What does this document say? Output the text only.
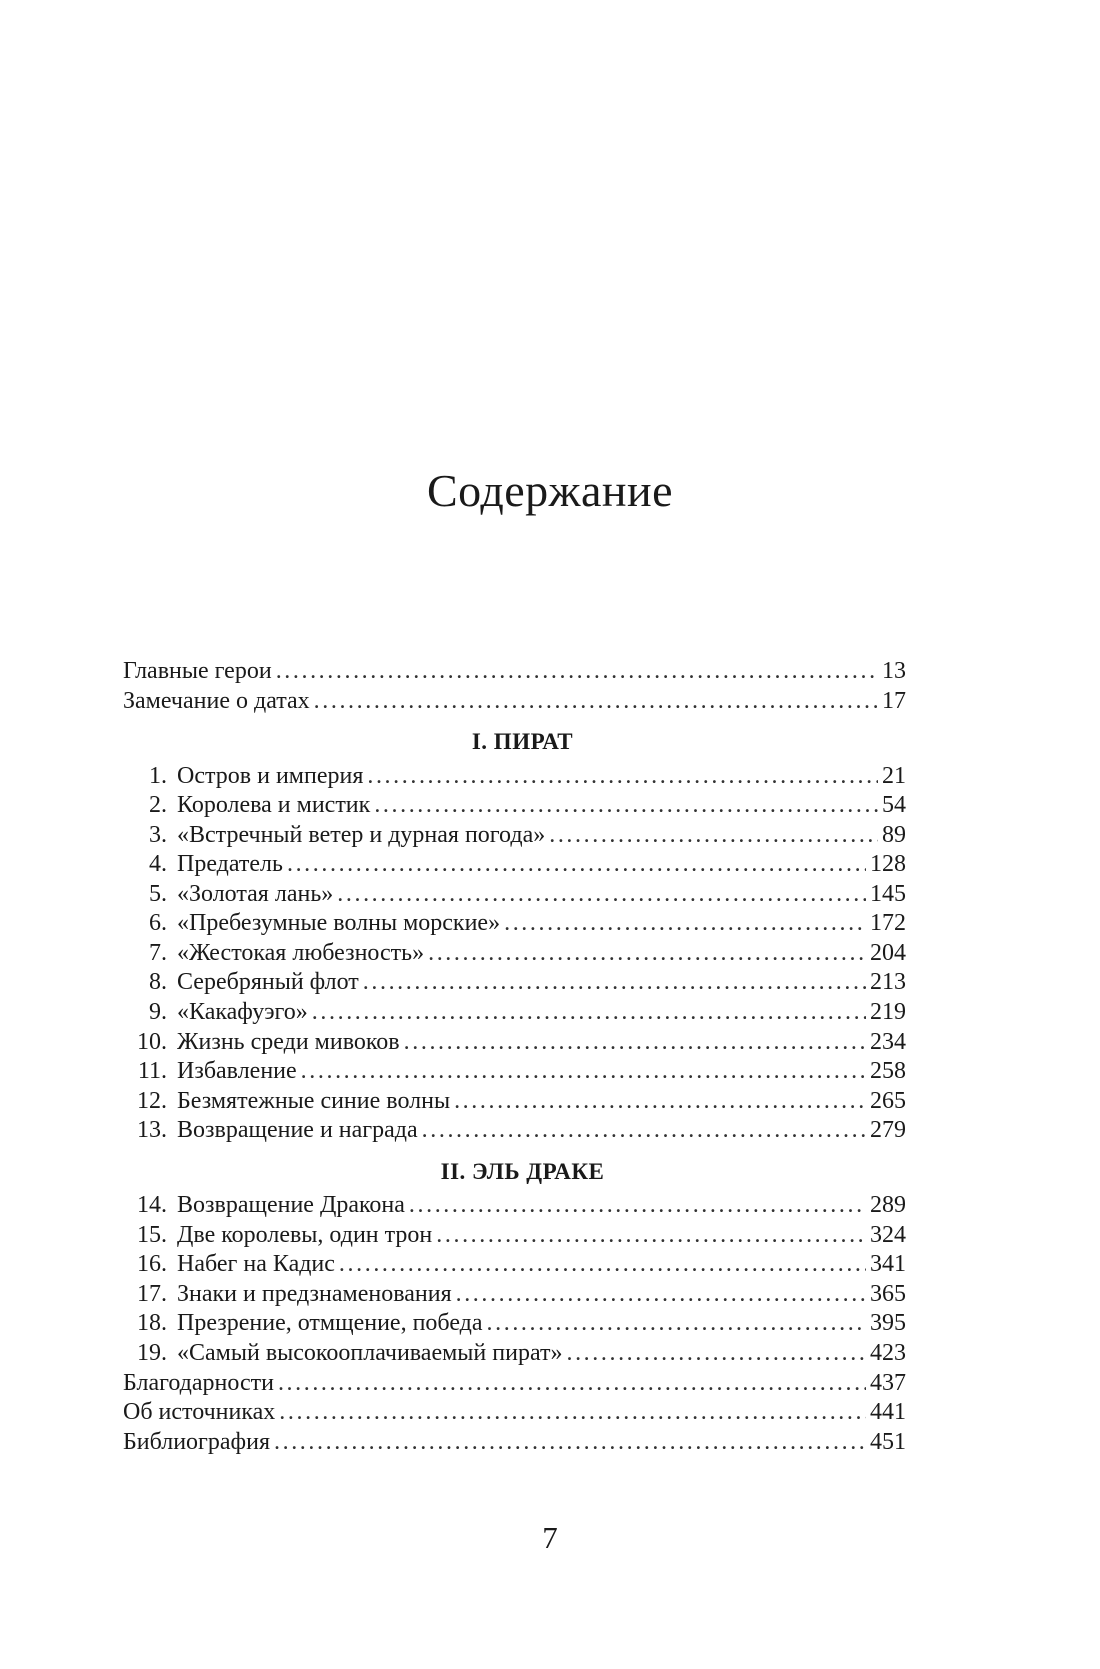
Содержание
Главные герои .....	13
Замечание о датах .....	17
I. ПИРАТ
1. Остров и империя .....	21
2. Королева и мистик .....	54
3. «Встречный ветер и дурная погода» .....	89
4. Предатель .....	128
5. «Золотая лань» .....	145
6. «Пребезумные волны морские» .....	172
7. «Жестокая любезность» .....	204
8. Серебряный флот .....	213
9. «Какафуэго» .....	219
10. Жизнь среди мивоков .....	234
11. Избавление .....	258
12. Безмятежные синие волны .....	265
13. Возвращение и награда .....	279
II. ЭЛЬ ДРАКЕ
14. Возвращение Дракона .....	289
15. Две королевы, один трон .....	324
16. Набег на Кадис .....	341
17. Знаки и предзнаменования .....	365
18. Презрение, отмщение, победа .....	395
19. «Самый высокооплачиваемый пират» .....	423
Благодарности .....	437
Об источниках .....	441
Библиография .....	451
7
